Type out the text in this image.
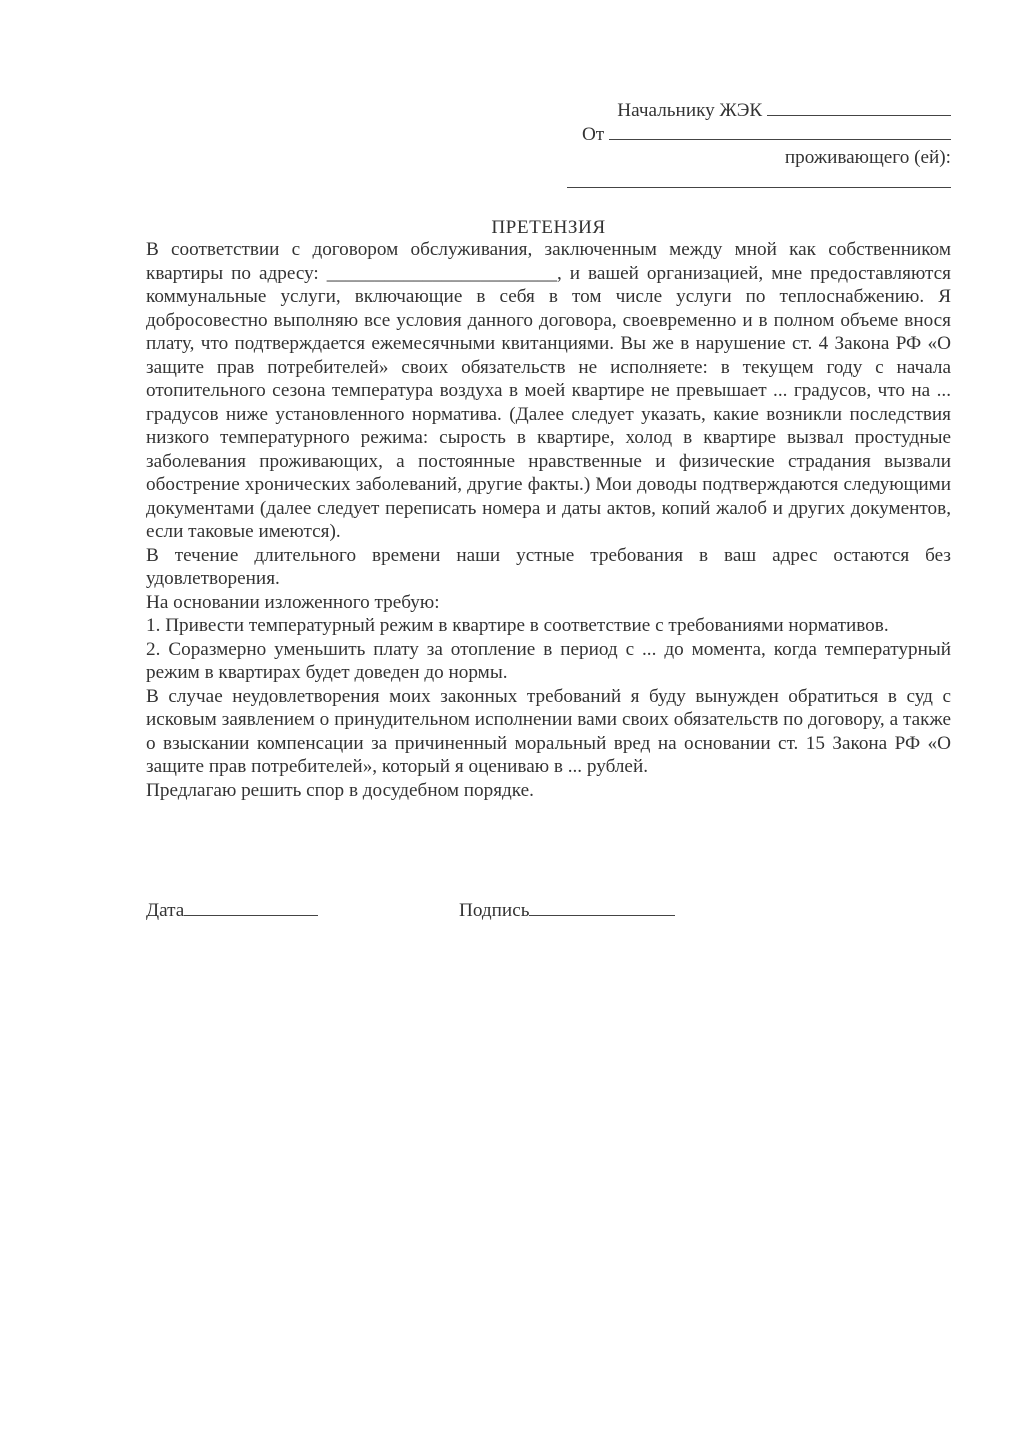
Начальнику ЖЭК
От
проживающего (ей):
ПРЕТЕНЗИЯ

В соответствии с договором обслуживания, заключенным между мной как собственником квартиры по адресу: ________________________, и вашей организацией, мне предоставляются коммунальные услуги, включающие в себя в том числе услуги по теплоснабжению. Я добросовестно выполняю все условия данного договора, своевременно и в полном объеме внося плату, что подтверждается ежемесячными квитанциями. Вы же в нарушение ст. 4 Закона РФ «О защите прав потребителей» своих обязательств не исполняете: в текущем году с начала отопительного сезона температура воздуха в моей квартире не превышает ... градусов, что на ... градусов ниже установленного норматива. (Далее следует указать, какие возникли последствия низкого температурного режима: сырость в квартире, холод в квартире вызвал простудные заболевания проживающих, а постоянные нравственные и физические страдания вызвали обострение хронических заболеваний, другие факты.) Мои доводы подтверждаются следующими документами (далее следует переписать номера и даты актов, копий жалоб и других документов, если таковые имеются).

В течение длительного времени наши устные требования в ваш адрес остаются без удовлетворения.

На основании изложенного требую:

1. Привести температурный режим в квартире в соответствие с требованиями нормативов.

2. Соразмерно уменьшить плату за отопление в период с ... до момента, когда температурный режим в квартирах будет доведен до нормы.

В случае неудовлетворения моих законных требований я буду вынужден обратиться в суд с исковым заявлением о принудительном исполнении вами своих обязательств по договору, а также о взыскании компенсации за причиненный моральный вред на основании ст. 15 Закона РФ «О защите прав потребителей», который я оцениваю в ... рублей.

Предлагаю решить спор в досудебном порядке.

Дата	Подпись
